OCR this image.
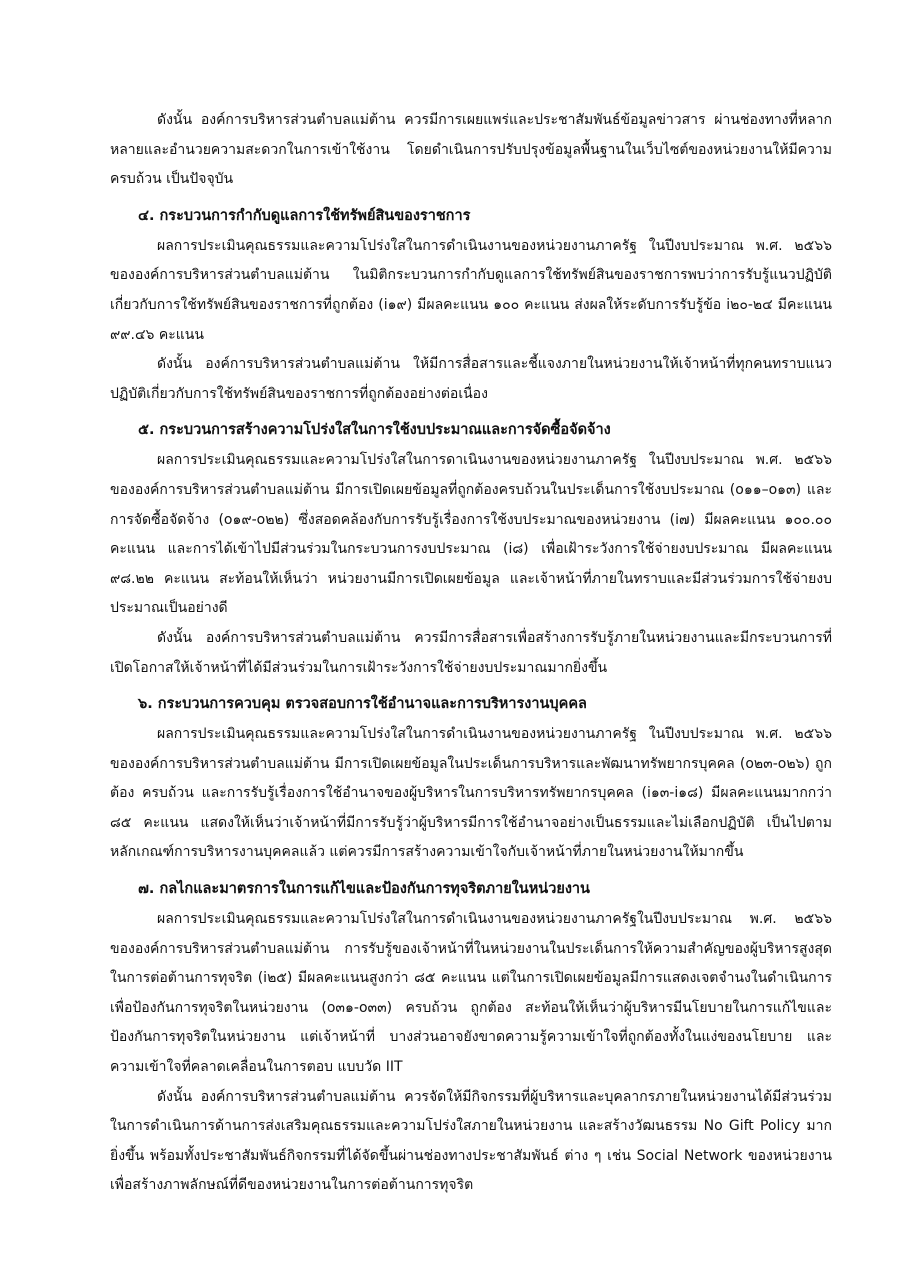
ดังนั้น องค์การบริหารส่วนตำบลแม่ต้าน ควรมีการเผยแพร่และประชาสัมพันธ์ข้อมูลข่าวสาร ผ่านช่องทางที่หลากหลายและอำนวยความสะดวกในการเข้าใช้งาน โดยดำเนินการปรับปรุงข้อมูลพื้นฐานในเว็บไซต์ของหน่วยงานให้มีความครบถ้วน เป็นปัจจุบัน

๔. กระบวนการกำกับดูแลการใช้ทรัพย์สินของราชการ

ผลการประเมินคุณธรรมและความโปร่งใสในการดำเนินงานของหน่วยงานภาครัฐ ในปีงบประมาณ พ.ศ. ๒๕๖๖ ขององค์การบริหารส่วนตำบลแม่ต้าน ในมิติกระบวนการกำกับดูแลการใช้ทรัพย์สินของราชการพบว่าการรับรู้แนวปฏิบัติเกี่ยวกับการใช้ทรัพย์สินของราชการที่ถูกต้อง (i๑๙) มีผลคะแนน ๑๐๐ คะแนน ส่งผลให้ระดับการรับรู้ข้อ i๒๐-๒๔ มีคะแนน ๙๙.๔๖ คะแนน

ดังนั้น องค์การบริหารส่วนตำบลแม่ต้าน ให้มีการสื่อสารและชี้แจงภายในหน่วยงานให้เจ้าหน้าที่ทุกคนทราบแนวปฏิบัติเกี่ยวกับการใช้ทรัพย์สินของราชการที่ถูกต้องอย่างต่อเนื่อง

๕. กระบวนการสร้างความโปร่งใสในการใช้งบประมาณและการจัดซื้อจัดจ้าง

ผลการประเมินคุณธรรมและความโปร่งใสในการดาเนินงานของหน่วยงานภาครัฐ ในปีงบประมาณ พ.ศ. ๒๕๖๖ ขององค์การบริหารส่วนตำบลแม่ต้าน มีการเปิดเผยข้อมูลที่ถูกต้องครบถ้วนในประเด็นการใช้งบประมาณ (o๑๑–o๑๓) และการจัดซื้อจัดจ้าง (o๑๙-o๒๒) ซึ่งสอดคล้องกับการรับรู้เรื่องการใช้งบประมาณของหน่วยงาน (i๗) มีผลคะแนน ๑๐๐.๐๐ คะแนน และการได้เข้าไปมีส่วนร่วมในกระบวนการงบประมาณ (i๘) เพื่อเฝ้าระวังการใช้จ่ายงบประมาณ มีผลคะแนน ๙๘.๒๒ คะแนน สะท้อนให้เห็นว่า หน่วยงานมีการเปิดเผยข้อมูล และเจ้าหน้าที่ภายในทราบและมีส่วนร่วมการใช้จ่ายงบประมาณเป็นอย่างดี

ดังนั้น องค์การบริหารส่วนตำบลแม่ต้าน ควรมีการสื่อสารเพื่อสร้างการรับรู้ภายในหน่วยงานและมีกระบวนการที่เปิดโอกาสให้เจ้าหน้าที่ได้มีส่วนร่วมในการเฝ้าระวังการใช้จ่ายงบประมาณมากยิ่งขึ้น

๖. กระบวนการควบคุม ตรวจสอบการใช้อำนาจและการบริหารงานบุคคล

ผลการประเมินคุณธรรมและความโปร่งใสในการดำเนินงานของหน่วยงานภาครัฐ ในปีงบประมาณ พ.ศ. ๒๕๖๖ ขององค์การบริหารส่วนตำบลแม่ต้าน มีการเปิดเผยข้อมูลในประเด็นการบริหารและพัฒนาทรัพยากรบุคคล (o๒๓-o๒๖) ถูกต้อง ครบถ้วน และการรับรู้เรื่องการใช้อำนาจของผู้บริหารในการบริหารทรัพยากรบุคคล (i๑๓-i๑๘) มีผลคะแนนมากกว่า ๘๕ คะแนน แสดงให้เห็นว่าเจ้าหน้าที่มีการรับรู้ว่าผู้บริหารมีการใช้อำนาจอย่างเป็นธรรมและไม่เลือกปฏิบัติ เป็นไปตามหลักเกณฑ์การบริหารงานบุคคลแล้ว แต่ควรมีการสร้างความเข้าใจกับเจ้าหน้าที่ภายในหน่วยงานให้มากขึ้น

๗. กลไกและมาตรการในการแก้ไขและป้องกันการทุจริตภายในหน่วยงาน

ผลการประเมินคุณธรรมและความโปร่งใสในการดำเนินงานของหน่วยงานภาครัฐในปีงบประมาณ พ.ศ. ๒๕๖๖ ขององค์การบริหารส่วนตำบลแม่ต้าน การรับรู้ของเจ้าหน้าที่ในหน่วยงานในประเด็นการให้ความสำคัญของผู้บริหารสูงสุดในการต่อต้านการทุจริต (i๒๕) มีผลคะแนนสูงกว่า ๘๕ คะแนน แต่ในการเปิดเผยข้อมูลมีการแสดงเจตจำนงในดำเนินการเพื่อป้องกันการทุจริตในหน่วยงาน (o๓๑-o๓๓) ครบถ้วน ถูกต้อง สะท้อนให้เห็นว่าผู้บริหารมีนโยบายในการแก้ไขและป้องกันการทุจริตในหน่วยงาน แต่เจ้าหน้าที่ บางส่วนอาจยังขาดความรู้ความเข้าใจที่ถูกต้องทั้งในแง่ของนโยบาย และความเข้าใจที่คลาดเคลื่อนในการตอบ แบบวัด IIT

ดังนั้น องค์การบริหารส่วนตำบลแม่ต้าน ควรจัดให้มีกิจกรรมที่ผู้บริหารและบุคลากรภายในหน่วยงานได้มีส่วนร่วมในการดำเนินการด้านการส่งเสริมคุณธรรมและความโปร่งใสภายในหน่วยงาน และสร้างวัฒนธรรม No Gift Policy มากยิ่งขึ้น พร้อมทั้งประชาสัมพันธ์กิจกรรมที่ได้จัดขึ้นผ่านช่องทางประชาสัมพันธ์ ต่าง ๆ เช่น Social Network ของหน่วยงาน เพื่อสร้างภาพลักษณ์ที่ดีของหน่วยงานในการต่อต้านการทุจริต
